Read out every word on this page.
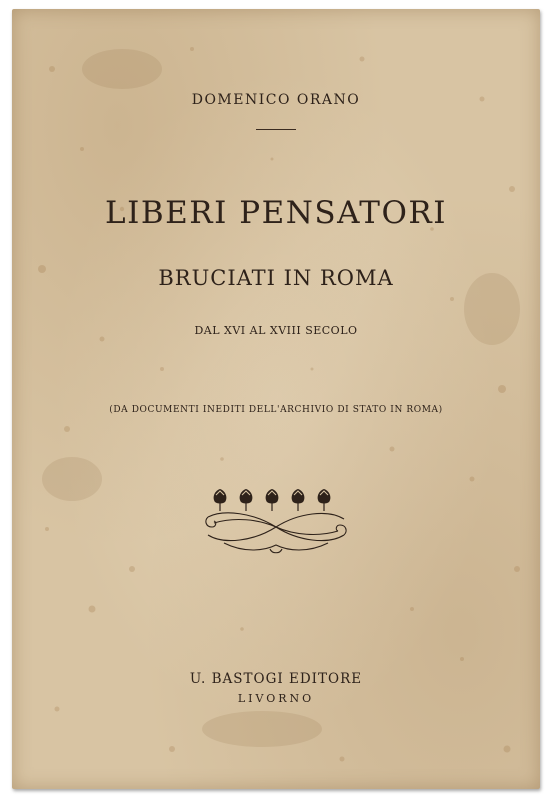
DOMENICO ORANO
LIBERI PENSATORI
BRUCIATI IN ROMA
DAL XVI AL XVIII SECOLO
(DA DOCUMENTI INEDITI DELL'ARCHIVIO DI STATO IN ROMA)
U. BASTOGI EDITORE
LIVORNO
